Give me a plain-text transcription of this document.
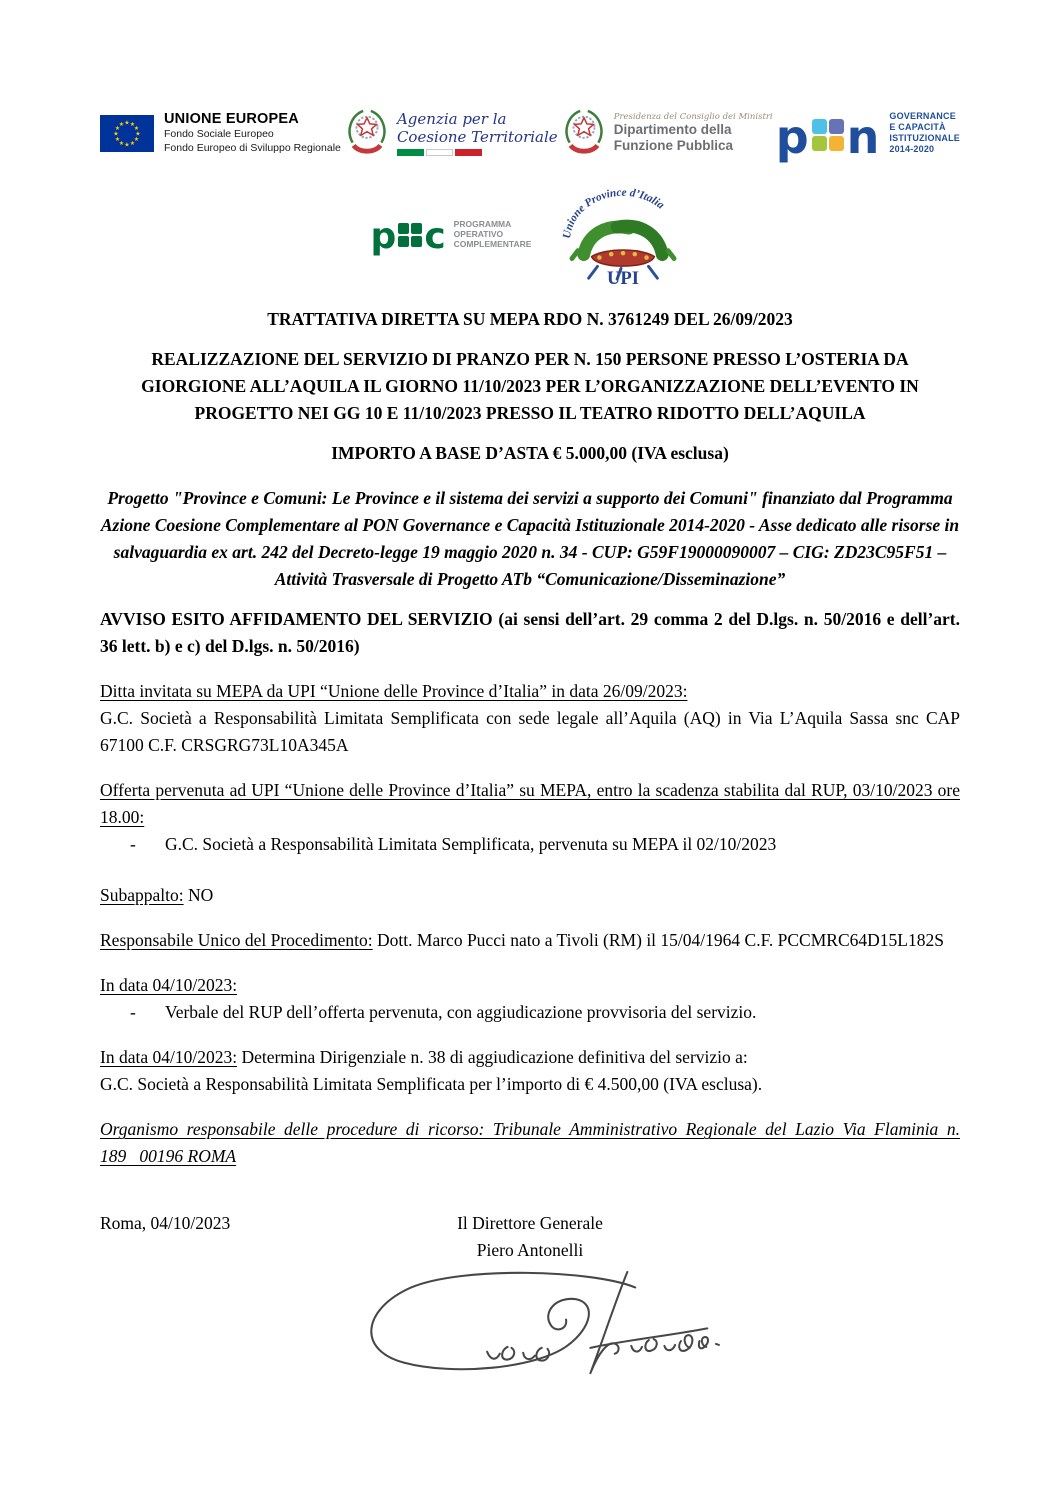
★ ★
★
★
★
★
★
★
★
★
★
★	UNIONE EUROPEA
Fondo Sociale Europeo
Fondo Europeo di Sviluppo Regionale
Agenzia per la
Coesione Territoriale
Presidenza del Consiglio dei Ministri
Dipartimento della
Funzione Pubblica p n GOVERNANCE
E CAPACITÀ
ISTITUZIONALE
2014-2020
p c PROGRAMMA
OPERATIVO
COMPLEMENTARE
Unione Province d’Italia
UPI

TRATTATIVA DIRETTA SU MEPA RDO N. 3761249 DEL 26/09/2023

REALIZZAZIONE DEL SERVIZIO DI PRANZO PER N. 150 PERSONE PRESSO L’OSTERIA DA GIORGIONE ALL’AQUILA IL GIORNO 11/10/2023 PER L’ORGANIZZAZIONE DELL’EVENTO IN PROGETTO NEI GG 10 E 11/10/2023 PRESSO IL TEATRO RIDOTTO DELL’AQUILA

IMPORTO A BASE D’ASTA € 5.000,00 (IVA esclusa)

Progetto "Province e Comuni: Le Province e il sistema dei servizi a supporto dei Comuni" finanziato dal Programma Azione Coesione Complementare al PON Governance e Capacità Istituzionale 2014-2020 - Asse dedicato alle risorse in salvaguardia ex art. 242 del Decreto-legge 19 maggio 2020 n. 34 - CUP: G59F19000090007 – CIG: ZD23C95F51 – Attività Trasversale di Progetto ATb “Comunicazione/Disseminazione”

AVVISO ESITO AFFIDAMENTO DEL SERVIZIO (ai sensi dell’art. 29 comma 2 del D.lgs. n. 50/2016 e dell’art. 36 lett. b) e c) del D.lgs. n. 50/2016)

Ditta invitata su MEPA da UPI “Unione delle Province d’Italia” in data 26/09/2023:

G.C. Società a Responsabilità Limitata Semplificata con sede legale all’Aquila (AQ) in Via L’Aquila Sassa snc CAP 67100 C.F. CRSGRG73L10A345A

Offerta pervenuta ad UPI “Unione delle Province d’Italia” su MEPA, entro la scadenza stabilita dal RUP, 03/10/2023 ore 18.00:

-	G.C. Società a Responsabilità Limitata Semplificata, pervenuta su MEPA il 02/10/2023

Subappalto: NO

Responsabile Unico del Procedimento: Dott. Marco Pucci nato a Tivoli (RM) il 15/04/1964 C.F. PCCMRC64D15L182S

In data 04/10/2023:

-	Verbale del RUP dell’offerta pervenuta, con aggiudicazione provvisoria del servizio.

In data 04/10/2023: Determina Dirigenziale n. 38 di aggiudicazione definitiva del servizio a:

G.C. Società a Responsabilità Limitata Semplificata per l’importo di € 4.500,00 (IVA esclusa).

Organismo responsabile delle procedure di ricorso: Tribunale Amministrativo Regionale del Lazio Via Flaminia n. 189   00196 ROMA

Roma, 04/10/2023	Il Direttore Generale
Piero Antonelli
